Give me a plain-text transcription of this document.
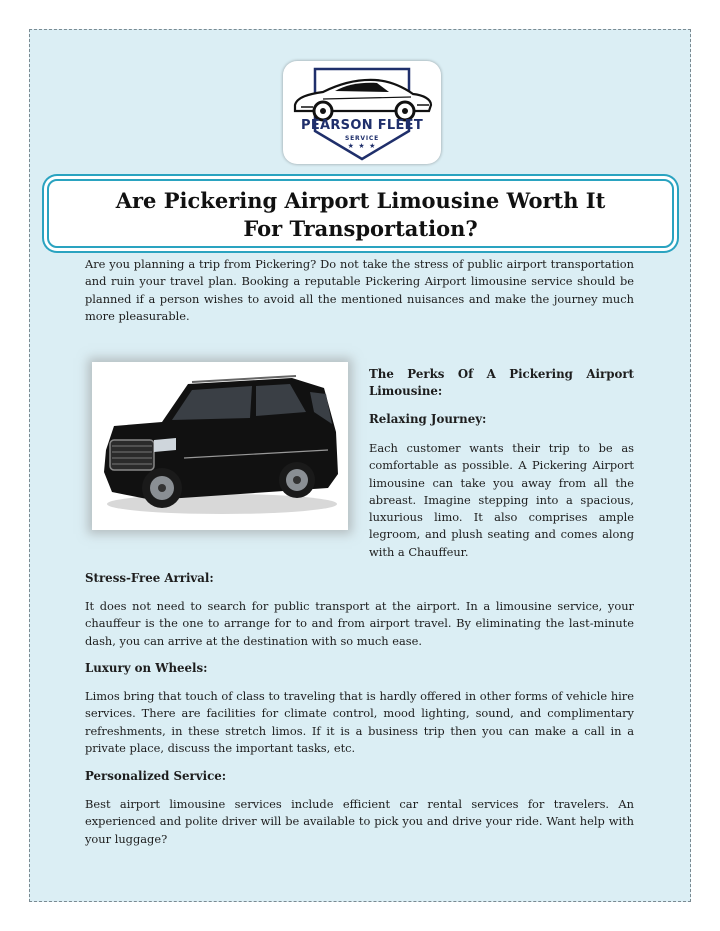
PEARSON FLEET
SERVICE
★ ★ ★
Are Pickering Airport Limousine Worth It
For Transportation?

Are you planning a trip from Pickering? Do not take the stress of public airport transportation and ruin your travel plan. Booking a reputable Pickering Airport limousine service should be planned if a person wishes to avoid all the mentioned nuisances and make the journey much more pleasurable.

The Perks Of A Pickering Airport Limousine:
Relaxing Journey:

Each customer wants their trip to be as comfortable as possible. A Pickering Airport limousine can take you away from all the abreast. Imagine stepping into a spacious, luxurious limo. It also comprises ample legroom, and plush seating and comes along with a Chauffeur.

Stress-Free Arrival:

It does not need to search for public transport at the airport. In a limousine service, your chauffeur is the one to arrange for to and from airport travel. By eliminating the last-minute dash, you can arrive at the destination with so much ease.

Luxury on Wheels:

Limos bring that touch of class to traveling that is hardly offered in other forms of vehicle hire services. There are facilities for climate control, mood lighting, sound, and complimentary refreshments, in these stretch limos. If it is a business trip then you can make a call in a private place, discuss the important tasks, etc.

Personalized Service:

Best airport limousine services include efficient car rental services for travelers. An experienced and polite driver will be available to pick you and drive your ride. Want help with your luggage?
